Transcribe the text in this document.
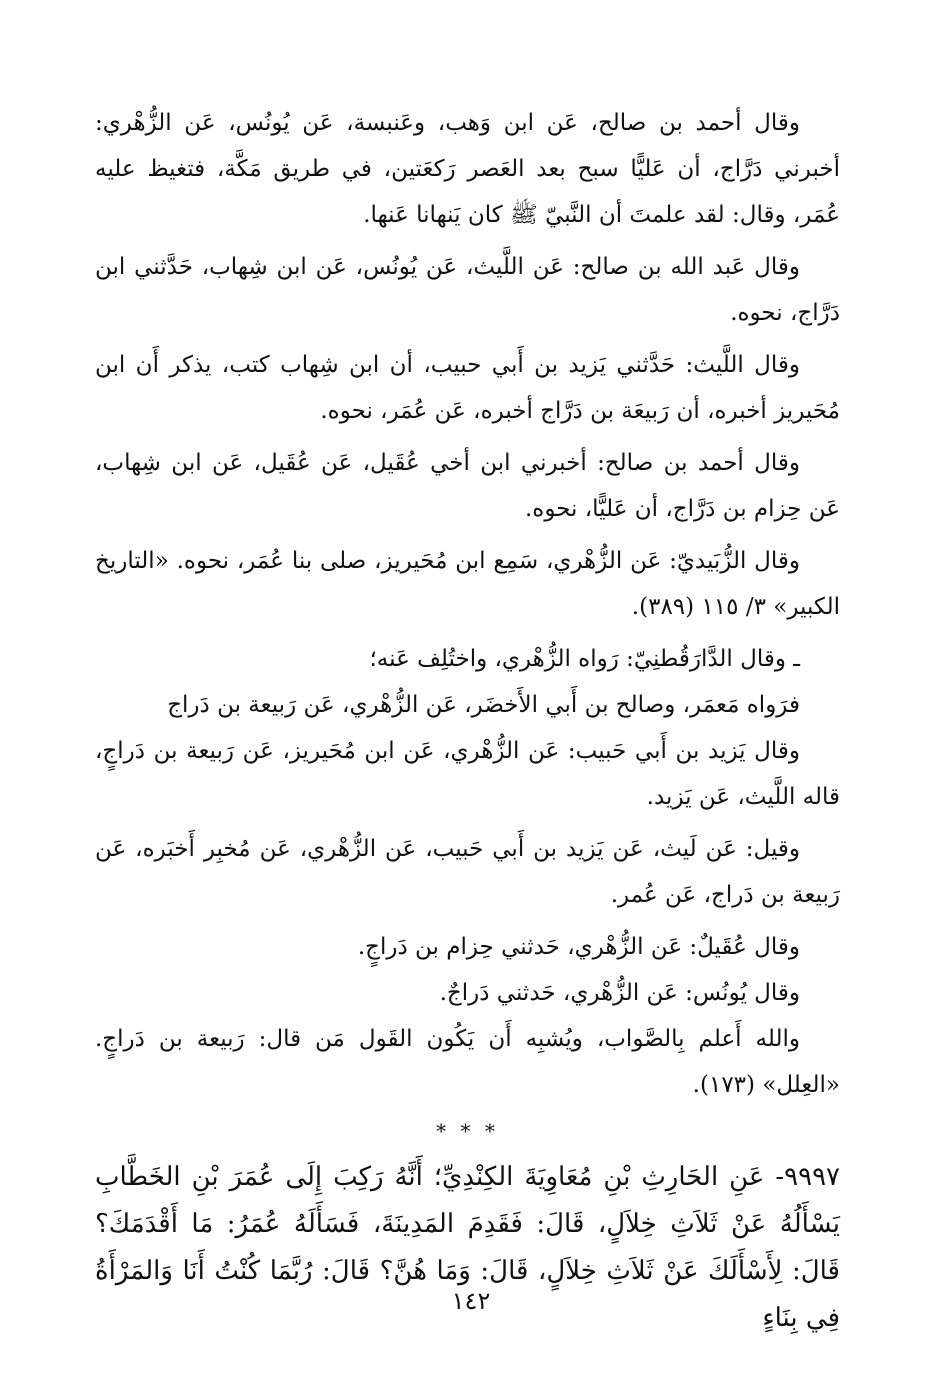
وقال أحمد بن صالح، عَن ابن وَهب، وعَنبسة، عَن يُونُس، عَن الزُّهْري: أخبرني دَرَّاج، أن عَليًّا سبح بعد العَصر رَكعَتين، في طريق مَكَّة، فتغيظ عليه عُمَر، وقال: لقد علمتَ أن النَّبيّ ﷺ كان يَنهانا عَنها.

وقال عَبد الله بن صالح: عَن اللَّيث، عَن يُونُس، عَن ابن شِهاب، حَدَّثني ابن دَرَّاج، نحوه.

وقال اللَّيث: حَدَّثني يَزيد بن أَبي حبيب، أن ابن شِهاب كتب، يذكر أَن ابن مُحَيريز أخبره، أن رَبيعَة بن دَرَّاج أخبره، عَن عُمَر، نحوه.

وقال أحمد بن صالح: أخبرني ابن أخي عُقَيل، عَن عُقَيل، عَن ابن شِهاب، عَن حِزام بن دَرَّاج، أن عَليًّا، نحوه.

وقال الزُّبَيديّ: عَن الزُّهْري، سَمِع ابن مُحَيريز، صلى بنا عُمَر، نحوه. «التاريخ الكبير» ٣/ ١١٥ (٣٨٩).

ـ وقال الدَّارَقُطنِيّ: رَواه الزُّهْري، واختُلِف عَنه؛

فرَواه مَعمَر، وصالح بن أَبي الأَخضَر، عَن الزُّهْري، عَن رَبيعة بن دَراج

وقال يَزيد بن أَبي حَبيب: عَن الزُّهْري، عَن ابن مُحَيريز، عَن رَبيعة بن دَراجٍ، قاله اللَّيث، عَن يَزيد.

وقيل: عَن لَيث، عَن يَزيد بن أَبي حَبيب، عَن الزُّهْري، عَن مُخبِر أَخبَره، عَن رَبيعة بن دَراج، عَن عُمر.

وقال عُقَيلٌ: عَن الزُّهْري، حَدثني حِزام بن دَراجٍ.

وقال يُونُس: عَن الزُّهْري، حَدثني دَراجٌ.

والله أَعلم بِالصَّواب، ويُشبِه أَن يَكُون القَول مَن قال: رَبيعة بن دَراجٍ. «العِلل» (١٧٣).

* * *

٩٩٩٧- عَنِ الحَارِثِ بْنِ مُعَاوِيَةَ الكِنْدِيِّ؛ أَنَّهُ رَكِبَ إِلَى عُمَرَ بْنِ الخَطَّابِ يَسْأَلُهُ عَنْ ثَلاَثِ خِلاَلٍ، قَالَ: فَقَدِمَ المَدِينَةَ، فَسَأَلَهُ عُمَرُ: مَا أَقْدَمَكَ؟ قَالَ: لِأَسْأَلَكَ عَنْ ثَلاَثِ خِلاَلٍ، قَالَ: وَمَا هُنَّ؟ قَالَ: رُبَّمَا كُنْتُ أَنَا وَالمَرْأَةُ فِي بِنَاءٍ

١٤٢
